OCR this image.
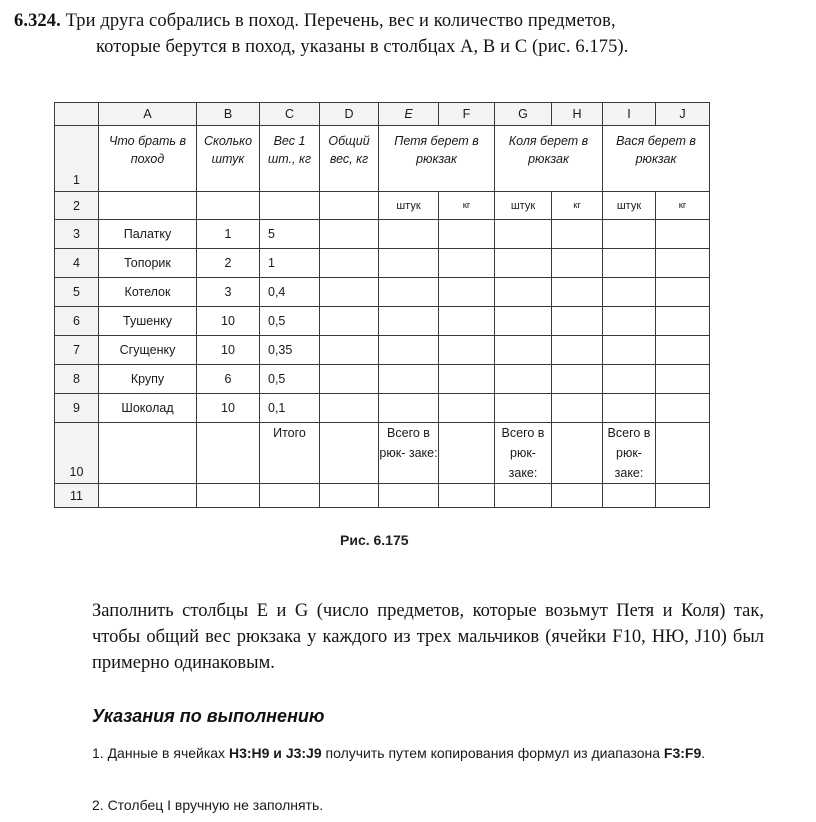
6.324. Три друга собрались в поход. Перечень, вес и количество предметов,
которые берутся в поход, указаны в столбцах А, В и С (рис. 6.175).
	A	B	C	D	E	F	G	H	I	J
1	Что брать в поход	Сколько штук	Вес 1 шт., кг	Общий вес, кг	Петя берет в рюкзак		Коля берет в рюкзак		Вася берет в рюкзак	
2					штук	кг	штук	кг	штук	кг
3	Палатку	1	5							
4	Топорик	2	1							
5	Котелок	3	0,4							
6	Тушенку	10	0,5							
7	Сгущенку	10	0,35							
8	Крупу	6	0,5							
9	Шоколад	10	0,1							
10			Итого		Всего в рюк- заке:		Всего в рюк- заке:		Всего в рюк- заке:	
11										
Рис. 6.175
Заполнить столбцы Е и G (число предметов, которые возьмут Петя и Коля) так, чтобы общий вес рюкзака у каждого из трех мальчиков (ячейки F10, НЮ, J10) был примерно одинаковым.
Указания по выполнению
1. Данные в ячейках H3:H9 и J3:J9 получить путем копирования формул из диапазона F3:F9.
2. Столбец I вручную не заполнять.
